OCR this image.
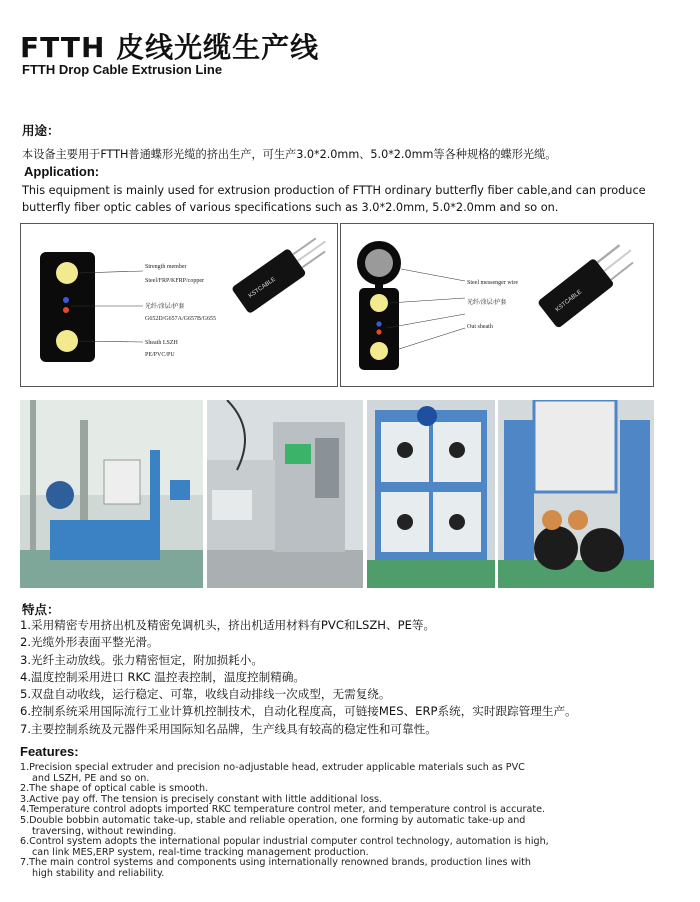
FTTH 皮线光缆生产线
FTTH Drop Cable Extrusion Line
用途：
本设备主要用于FTTH普通蝶形光缆的挤出生产，可生产3.0*2.0mm、5.0*2.0mm等各种规格的蝶形光缆。
Application:
This equipment is mainly used for extrusion production of FTTH ordinary butterfly fiber cable,and can produce butterfly fiber optic cables of various specifications such as 3.0*2.0mm, 5.0*2.0mm and so on.
Strength member
Steel/FRP/KFRP/copper
光纤/涂层/护套
G652D/G657A/G657B/G655
Sheath LSZH
PE/PVC/PU
KSTCABLE	Steel messenger wire
光纤/涂层/护套
Out sheath
KSTCABLE
特点：
1.采用精密专用挤出机及精密免调机头，挤出机适用材料有PVC和LSZH、PE等。
2.光缆外形表面平整光滑。
3.光纤主动放线。张力精密恒定，附加损耗小。
4.温度控制采用进口 RKC 温控表控制，温度控制精确。
5.双盘自动收线，运行稳定、可靠，收线自动排线一次成型，无需复绕。
6.控制系统采用国际流行工业计算机控制技术，自动化程度高，可链接MES、ERP系统，实时跟踪管理生产。
7.主要控制系统及元器件采用国际知名品牌，生产线具有较高的稳定性和可靠性。
Features:
1.Precision special extruder and precision no-adjustable head, extruder applicable materials such as PVC
and LSZH, PE and so on.
2.The shape of optical cable is smooth.
3.Active pay off. The tension is precisely constant with little additional loss.
4.Temperature control adopts imported RKC temperature control meter, and temperature control is accurate.
5.Double bobbin automatic take-up, stable and reliable operation, one forming by automatic take-up and
traversing, without rewinding.
6.Control system adopts the international popular industrial computer control technology, automation is high,
can link MES,ERP system, real-time tracking management production.
7.The main control systems and components using internationally renowned brands, production lines with
high stability and reliability.
